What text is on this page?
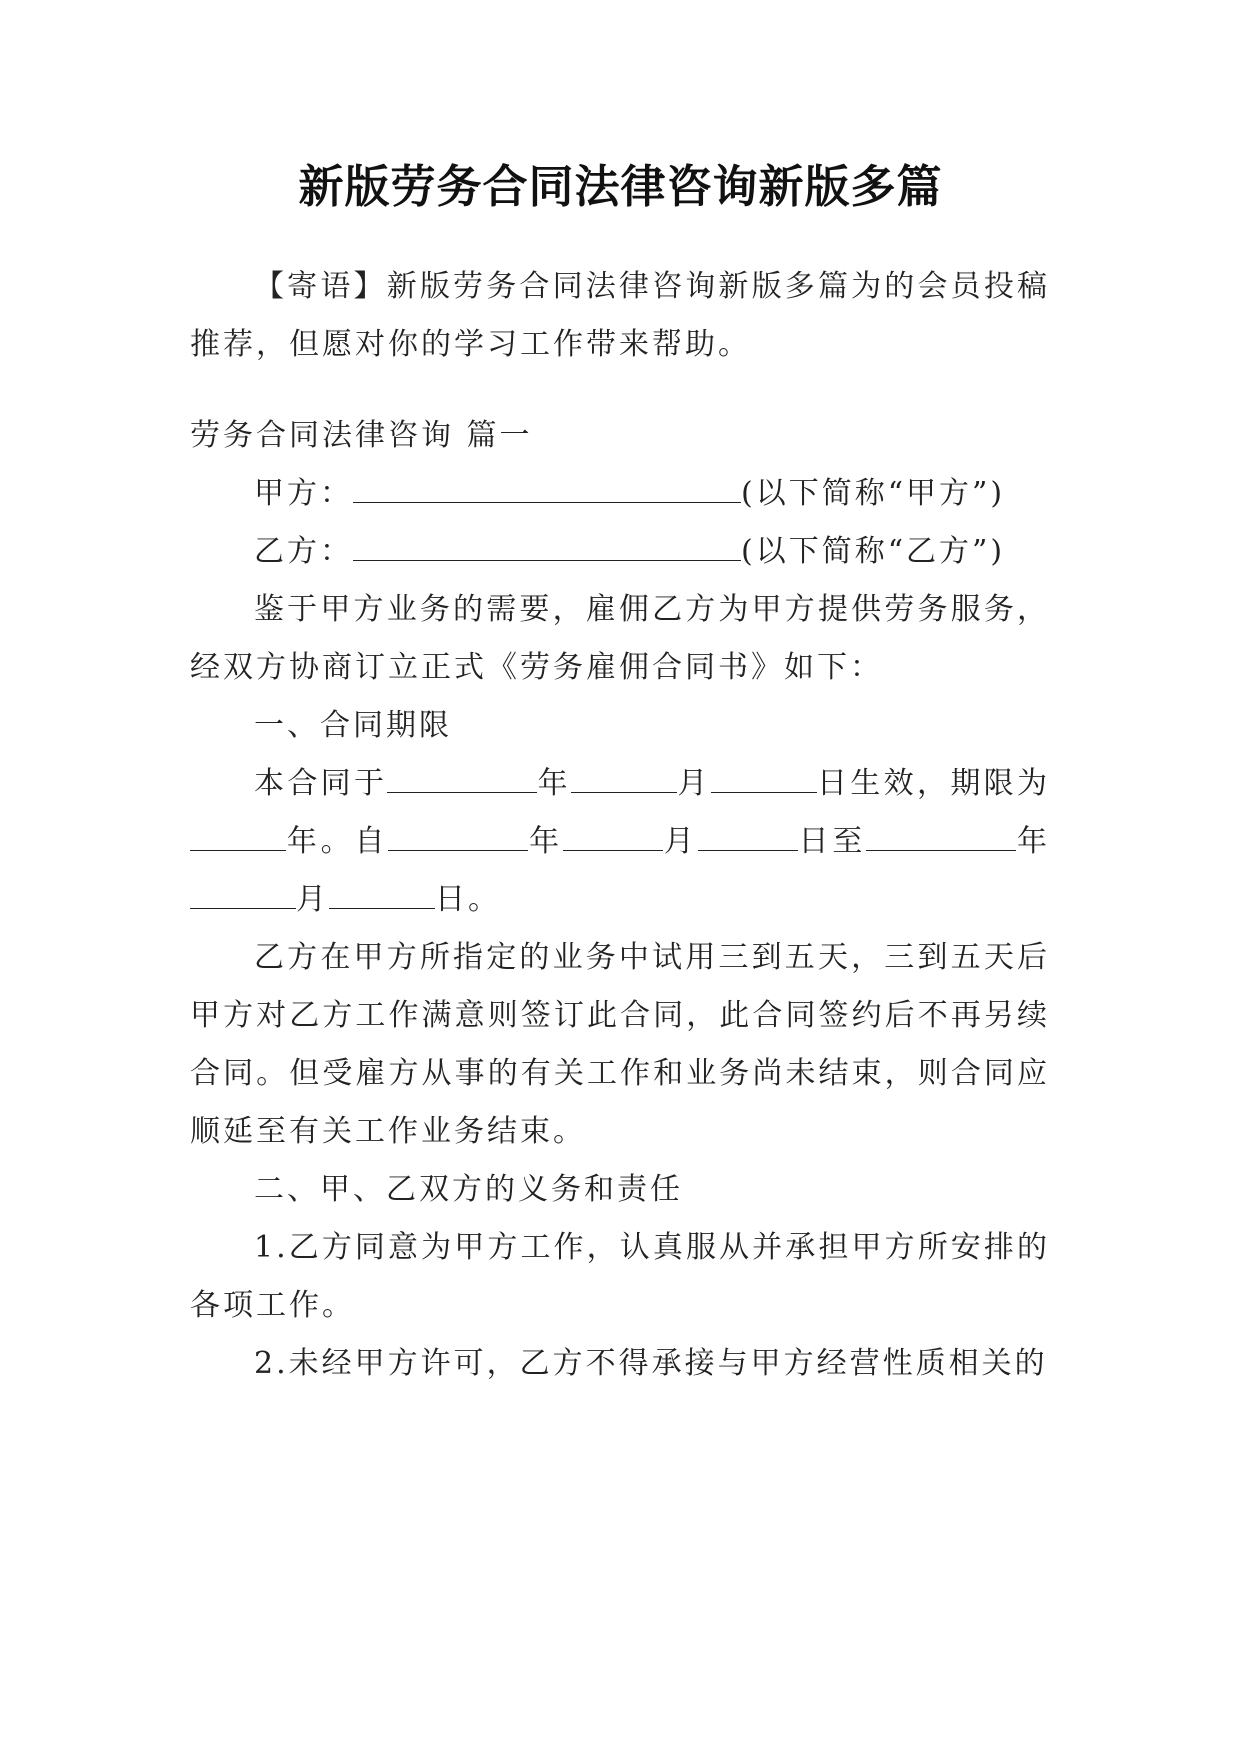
新版劳务合同法律咨询新版多篇

【寄语】新版劳务合同法律咨询新版多篇为的会员投稿推荐，但愿对你的学习工作带来帮助。

劳务合同法律咨询 篇一

甲方：	(以下简称“甲方”)

乙方：	(以下简称“乙方”)

鉴于甲方业务的需要，雇佣乙方为甲方提供劳务服务，经双方协商订立正式《劳务雇佣合同书》如下：

一、合同期限

本合同于	年	月	日生效，期限为年。自	年	月	日至	年月	日。

乙方在甲方所指定的业务中试用三到五天，三到五天后甲方对乙方工作满意则签订此合同，此合同签约后不再另续合同。但受雇方从事的有关工作和业务尚未结束，则合同应顺延至有关工作业务结束。

二、甲、乙双方的义务和责任

1.乙方同意为甲方工作，认真服从并承担甲方所安排的各项工作。

2.未经甲方许可，乙方不得承接与甲方经营性质相关的
